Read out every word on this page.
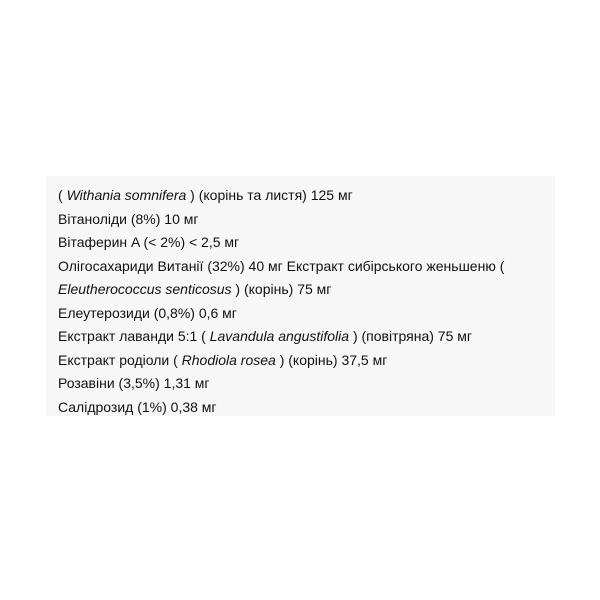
( Withania somnifera ) (корінь та листя) 125 мг
Вітаноліди (8%) 10 мг
Вітаферин A (< 2%) < 2,5 мг
Олігосахариди Витанії (32%) 40 мг Екстракт сибірського женьшеню (
Eleutherococcus senticosus ) (корінь) 75 мг
Елеутерозиди (0,8%) 0,6 мг
Екстракт лаванди 5:1 ( Lavandula angustifolia ) (повітряна) 75 мг
Екстракт родіоли ( Rhodiola rosea ) (корінь) 37,5 мг
Розавіни (3,5%) 1,31 мг
Салідрозид (1%) 0,38 мг
